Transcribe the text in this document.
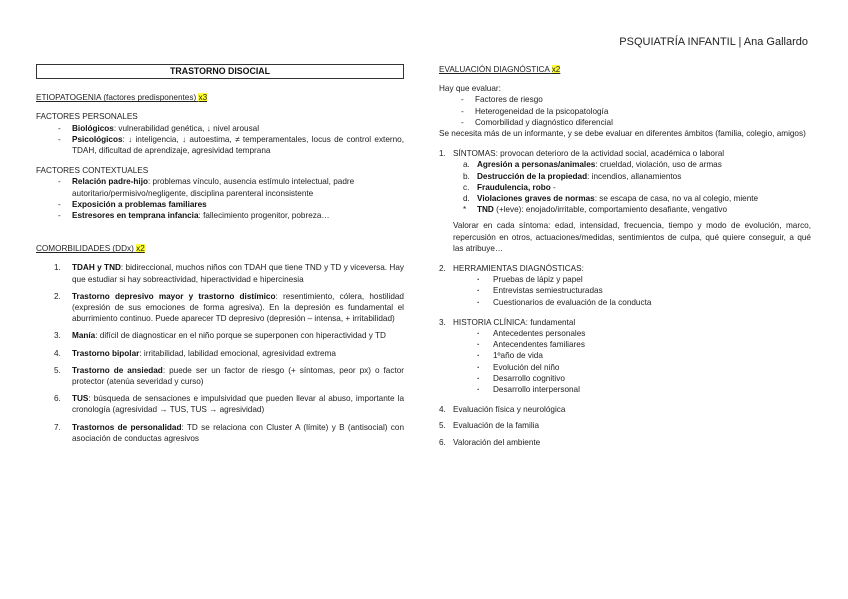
PSQUIATRÍA INFANTIL | Ana Gallardo
TRASTORNO DISOCIAL
ETIOPATOGENIA (factores predisponentes) x3
FACTORES PERSONALES
- Biológicos: vulnerabilidad genética, ↓ nivel arousal
- Psicológicos: ↓ inteligencia, ↓ autoestima, ≠ temperamentales, locus de control externo, TDAH, dificultad de aprendizaje, agresividad temprana
FACTORES CONTEXTUALES
- Relación padre-hijo: problemas vínculo, ausencia estímulo intelectual, padre autoritario/permisivo/negligente, disciplina parenteral inconsistente
- Exposición a problemas familiares
- Estresores en temprana infancia: fallecimiento progenitor, pobreza…
COMORBILIDADES (DDx) x2
1. TDAH y TND: bidireccional, muchos niños con TDAH que tiene TND y TD y viceversa. Hay que estudiar si hay sobreactividad, hiperactividad e hipercinesia
2. Trastorno depresivo mayor y trastorno distímico: resentimiento, cólera, hostilidad (expresión de sus emociones de forma agresiva). En la depresión es fundamental el aburrimiento continuo. Puede aparecer TD depresivo (depresión – intensa, + irritabilidad)
3. Manía: difícil de diagnosticar en el niño porque se superponen con hiperactividad y TD
4. Trastorno bipolar: irritabilidad, labilidad emocional, agresividad extrema
5. Trastorno de ansiedad: puede ser un factor de riesgo (+ síntomas, peor px) o factor protector (atenúa severidad y curso)
6. TUS: búsqueda de sensaciones e impulsividad que pueden llevar al abuso, importante la cronología (agresividad → TUS, TUS → agresividad)
7. Trastornos de personalidad: TD se relaciona con Cluster A (límite) y B (antisocial) con asociación de conductas agresivos
EVALUACIÓN DIAGNÓSTICA x2
Hay que evaluar:
- Factores de riesgo
- Heterogeneidad de la psicopatología
- Comorbilidad y diagnóstico diferencial
Se necesita más de un informante, y se debe evaluar en diferentes ámbitos (familia, colegio, amigos)
1. SÍNTOMAS: provocan deterioro de la actividad social, académica o laboral
a. Agresión a personas/animales: crueldad, violación, uso de armas
b. Destrucción de la propiedad: incendios, allanamientos
c. Fraudulencia, robo -
d. Violaciones graves de normas: se escapa de casa, no va al colegio, miente
* TND (+leve): enojado/irritable, comportamiento desafiante, vengativo
Valorar en cada síntoma: edad, intensidad, frecuencia, tiempo y modo de evolución, marco, repercusión en otros, actuaciones/medidas, sentimientos de culpa, qué quiere conseguir, a qué las atribuye…
2. HERRAMIENTAS DIAGNÓSTICAS:
· Pruebas de lápiz y papel
· Entrevistas semiestructuradas
· Cuestionarios de evaluación de la conducta
3. HISTORIA CLÍNICA: fundamental
· Antecedentes personales
· Antecendentes familiares
· 1ºaño de vida
· Evolución del niño
· Desarrollo cognitivo
· Desarrollo interpersonal
4. Evaluación física y neurológica
5. Evaluación de la familia
6. Valoración del ambiente
